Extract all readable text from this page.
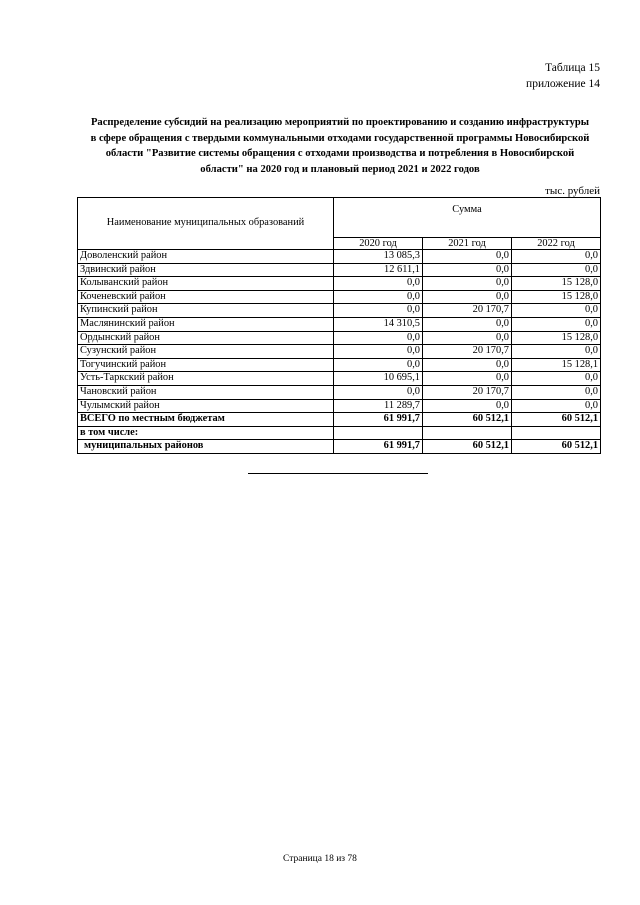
Таблица 15
приложение 14
Распределение субсидий на реализацию мероприятий по проектированию и созданию инфраструктуры в сфере обращения с твердыми коммунальными отходами государственной программы Новосибирской области "Развитие системы обращения с отходами производства и потребления в Новосибирской области" на 2020 год и плановый период 2021 и 2022 годов
тыс. рублей
Наименование муниципальных образований	Сумма		
	2020 год	2021 год	2022 год
Доволенский район	13 085,3	0,0	0,0
Здвинский район	12 611,1	0,0	0,0
Колыванский район	0,0	0,0	15 128,0
Коченевский район	0,0	0,0	15 128,0
Купинский район	0,0	20 170,7	0,0
Маслянинский район	14 310,5	0,0	0,0
Ордынский район	0,0	0,0	15 128,0
Сузунский район	0,0	20 170,7	0,0
Тогучинский район	0,0	0,0	15 128,1
Усть-Таркский район	10 695,1	0,0	0,0
Чановский район	0,0	20 170,7	0,0
Чулымский район	11 289,7	0,0	0,0
ВСЕГО по местным бюджетам	61 991,7	60 512,1	60 512,1
в том числе:			
муниципальных районов	61 991,7	60 512,1	60 512,1
Страница 18 из 78
